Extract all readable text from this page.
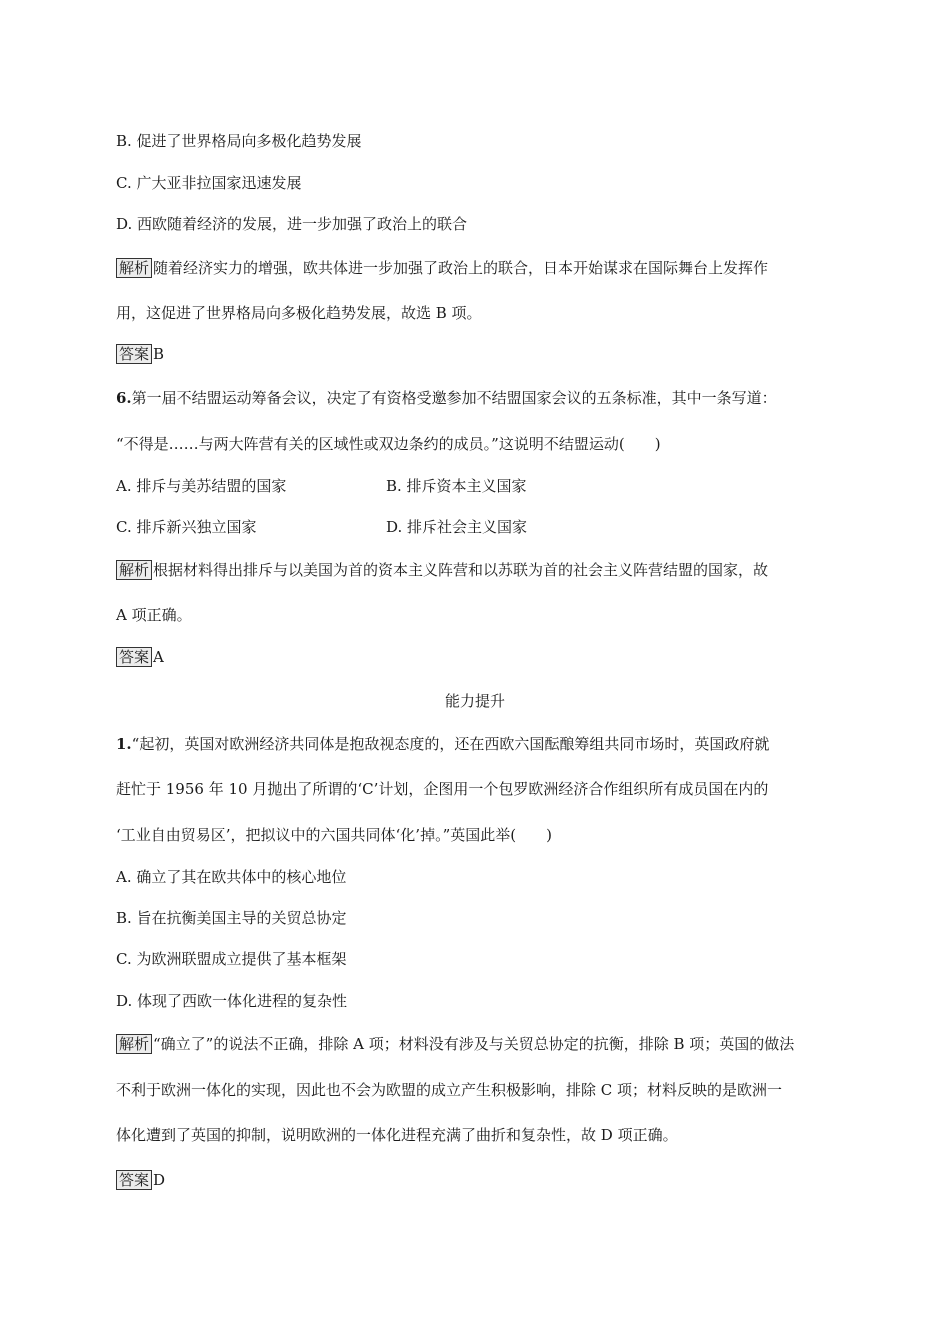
B. 促进了世界格局向多极化趋势发展
C. 广大亚非拉国家迅速发展
D. 西欧随着经济的发展，进一步加强了政治上的联合
解析 随着经济实力的增强，欧共体进一步加强了政治上的联合，日本开始谋求在国际舞台上发挥作
用，这促进了世界格局向多极化趋势发展，故选 B 项。
答案 B
6.第一届不结盟运动筹备会议，决定了有资格受邀参加不结盟国家会议的五条标准，其中一条写道：
“不得是……与两大阵营有关的区域性或双边条约的成员。”这说明不结盟运动(　　)
A. 排斥与美苏结盟的国家	B. 排斥资本主义国家
C. 排斥新兴独立国家	D. 排斥社会主义国家
解析 根据材料得出排斥与以美国为首的资本主义阵营和以苏联为首的社会主义阵营结盟的国家，故
A 项正确。
答案 A
能力提升
1.“起初，英国对欧洲经济共同体是抱敌视态度的，还在西欧六国酝酿筹组共同市场时，英国政府就
赶忙于 1956 年 10 月抛出了所谓的‘C’计划，企图用一个包罗欧洲经济合作组织所有成员国在内的
‘工业自由贸易区’，把拟议中的六国共同体‘化’掉。”英国此举(　　)
A. 确立了其在欧共体中的核心地位
B. 旨在抗衡美国主导的关贸总协定
C. 为欧洲联盟成立提供了基本框架
D. 体现了西欧一体化进程的复杂性
解析 “确立了”的说法不正确，排除 A 项；材料没有涉及与关贸总协定的抗衡，排除 B 项；英国的做法
不利于欧洲一体化的实现，因此也不会为欧盟的成立产生积极影响，排除 C 项；材料反映的是欧洲一
体化遭到了英国的抑制，说明欧洲的一体化进程充满了曲折和复杂性，故 D 项正确。
答案 D
